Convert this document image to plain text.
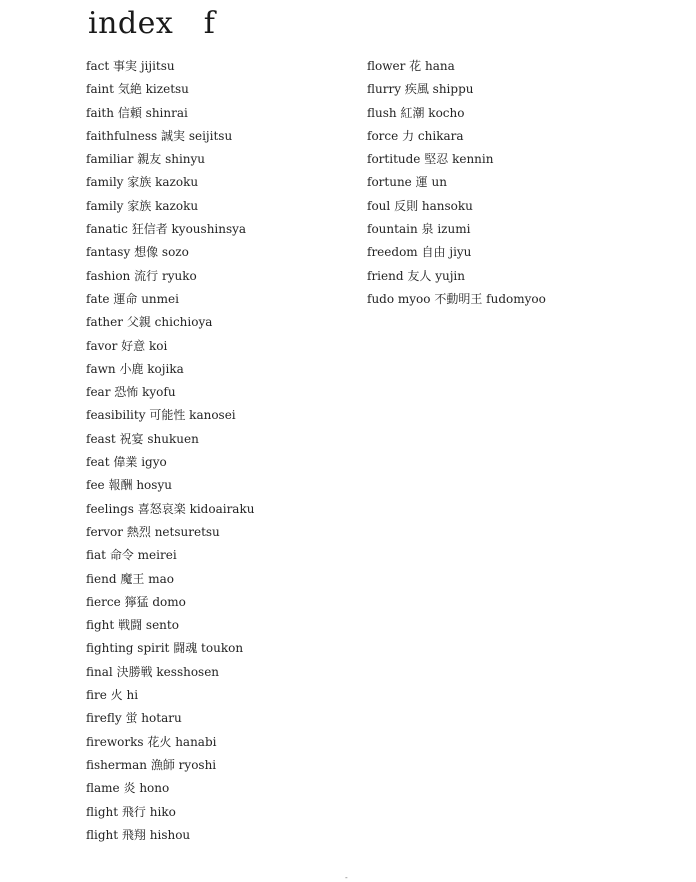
index　f
fact 事実 jijitsu
faint 気絶 kizetsu
faith 信頼 shinrai
faithfulness 誠実 seijitsu
familiar 親友 shinyu
family 家族 kazoku
family 家族 kazoku
fanatic 狂信者 kyoushinsya
fantasy 想像 sozo
fashion 流行 ryuko
fate 運命 unmei
father 父親 chichioya
favor 好意 koi
fawn 小鹿 kojika
fear 恐怖 kyofu
feasibility 可能性 kanosei
feast 祝宴 shukuen
feat 偉業 igyo
fee 報酬 hosyu
feelings 喜怒哀楽 kidoairaku
fervor 熱烈 netsuretsu
fiat 命令 meirei
fiend 魔王 mao
fierce 獰猛 domo
fight 戦闘 sento
fighting spirit 闘魂 toukon
final 決勝戦 kesshosen
fire 火 hi
firefly 蛍 hotaru
fireworks 花火 hanabi
fisherman 漁師 ryoshi
flame 炎 hono
flight 飛行 hiko
flight 飛翔 hishou
flower 花 hana
flurry 疾風 shippu
flush 紅潮 kocho
force 力 chikara
fortitude 堅忍 kennin
fortune 運 un
foul 反則 hansoku
fountain 泉 izumi
freedom 自由 jiyu
friend 友人 yujin
fudo myoo 不動明王 fudomyoo
-
